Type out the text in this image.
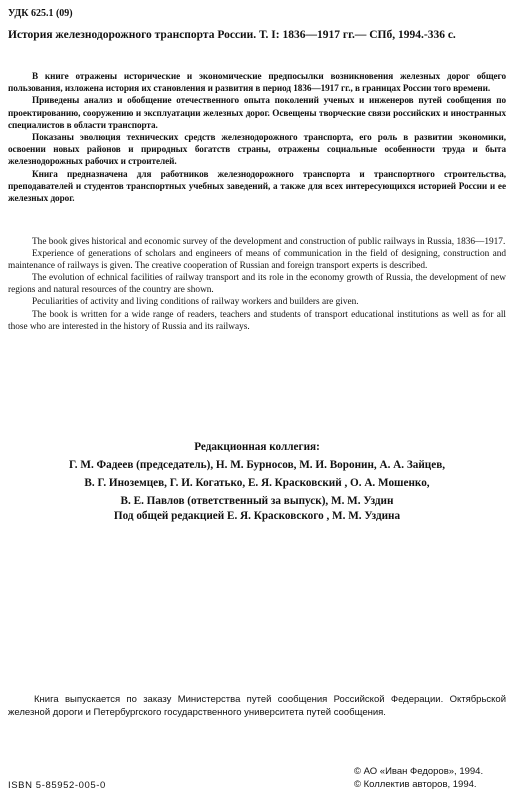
УДК 625.1 (09)
История железнодорожного транспорта России. Т. I: 1836—1917 гг.— СПб, 1994.-336 с.

В книге отражены исторические и экономические предпосылки возникновения железных дорог общего пользования, изложена история их становления и развития в период 1836—1917 гг., в границах России того времени.

Приведены анализ и обобщение отечественного опыта поколений ученых и инженеров путей сообщения по проектированию, сооружению и эксплуатации железных дорог. Освещены творческие связи российских и иностранных специалистов в области транспорта.

Показаны эволюция технических средств железнодорожного транспорта, его роль в развитии экономики, освоении новых районов и природных богатств страны, отражены социальные особенности труда и быта железнодорожных рабочих и строителей.

Книга предназначена для работников железнодорожного транспорта и транспортного строительства, преподавателей и студентов транспортных учебных заведений, а также для всех интересующихся историей России и ее железных дорог.

The book gives historical and economic survey of the development and construction of public railways in Russia, 1836—1917.

Experience of generations of scholars and engineers of means of communication in the field of designing, construction and maintenance of railways is given. The creative cooperation of Russian and foreign transport experts is described.

The evolution of echnical facilities of railway transport and its role in the economy growth of Russia, the development of new regions and natural resources of the country are shown.

Peculiarities of activity and living conditions of railway workers and builders are given.

The book is written for a wide range of readers, teachers and students of transport educational institutions as well as for all those who are interested in the history of Russia and its railways.

Редакционная коллегия:
Г. М. Фадеев (председатель), Н. М. Бурносов, М. И. Воронин, А. А. Зайцев,
В. Г. Иноземцев, Г. И. Когатько, Е. Я. Красковский , О. А. Мошенко,
В. Е. Павлов (ответственный за выпуск), М. М. Уздин
Под общей редакцией Е. Я. Красковского , М. М. Уздина

Книга выпускается по заказу Министерства путей сообщения Российской Федерации. Октябрьской железной дороги и Петербургского государственного университета путей сообщения.

ISBN 5-85952-005-0
© АО «Иван Федоров», 1994.
© Коллектив авторов, 1994.
